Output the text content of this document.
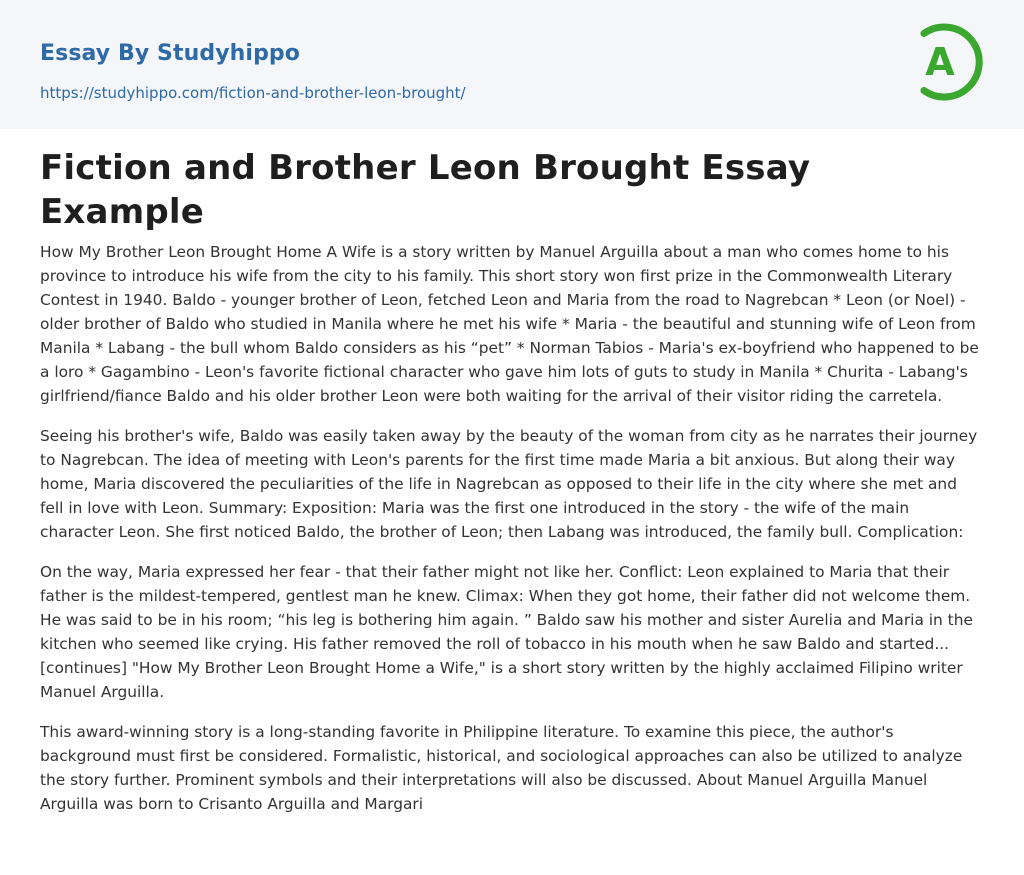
Essay By Studyhippo
https://studyhippo.com/fiction-and-brother-leon-brought/
A
Fiction and Brother Leon Brought Essay Example

How My Brother Leon Brought Home A Wife is a story written by Manuel Arguilla about a man who comes home to his province to introduce his wife from the city to his family. This short story won first prize in the Commonwealth Literary Contest in 1940. Baldo - younger brother of Leon, fetched Leon and Maria from the road to Nagrebcan * Leon (or Noel) - older brother of Baldo who studied in Manila where he met his wife * Maria - the beautiful and stunning wife of Leon from Manila * Labang - the bull whom Baldo considers as his “pet” * Norman Tabios - Maria's ex-boyfriend who happened to be a loro * Gagambino - Leon's favorite fictional character who gave him lots of guts to study in Manila * Churita - Labang's girlfriend/fiance Baldo and his older brother Leon were both waiting for the arrival of their visitor riding the carretela.

Seeing his brother's wife, Baldo was easily taken away by the beauty of the woman from city as he narrates their journey to Nagrebcan. The idea of meeting with Leon's parents for the first time made Maria a bit anxious. But along their way home, Maria discovered the peculiarities of the life in Nagrebcan as opposed to their life in the city where she met and fell in love with Leon. Summary: Exposition: Maria was the first one introduced in the story - the wife of the main character Leon. She first noticed Baldo, the brother of Leon; then Labang was introduced, the family bull. Complication:

On the way, Maria expressed her fear - that their father might not like her. Conflict: Leon explained to Maria that their father is the mildest-tempered, gentlest man he knew. Climax: When they got home, their father did not welcome them. He was said to be in his room; “his leg is bothering him again. ” Baldo saw his mother and sister Aurelia and Maria in the kitchen who seemed like crying. His father removed the roll of tobacco in his mouth when he saw Baldo and started... [continues] "How My Brother Leon Brought Home a Wife," is a short story written by the highly acclaimed Filipino writer Manuel Arguilla.

This award-winning story is a long-standing favorite in Philippine literature. To examine this piece, the author's background must first be considered. Formalistic, historical, and sociological approaches can also be utilized to analyze the story further. Prominent symbols and their interpretations will also be discussed. About Manuel Arguilla Manuel Arguilla was born to Crisanto Arguilla and Margari
